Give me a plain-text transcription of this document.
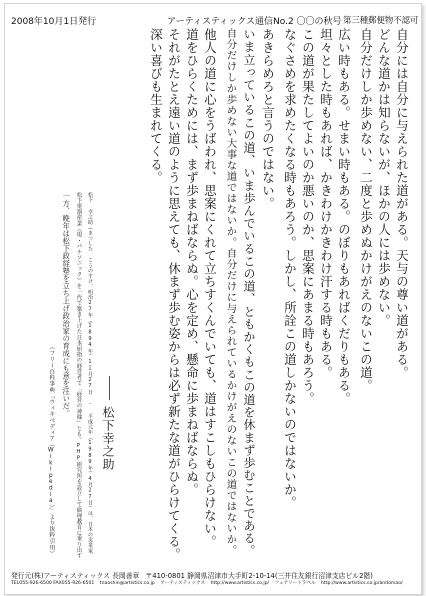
2008年10月1日発行	アーティスティックス通信No.2 〇〇の秋号 第三種郵便物不認可
自分には自分に与えられた道がある。天与の尊い道がある。
どんな道かは知らないが、ほかの人には歩めない。
自分だけしか歩めない、二度と歩めぬかけがえのないこの道。
広い時もある。せまい時もある。のぼりもあればくだりもある。
坦々とした時もあれば、かきわけかきわけ汗する時もある。
この道が果たしてよいのか悪いのか、思案にあまる時もあろう。
なぐさめを求めたくなる時もあろう。しかし、所詮この道しかないのではないか。
あきらめろと言うのではない。
いま立っているこの道、いま歩んでいるこの道、ともかくもこの道を休まず歩むことである。
自分だけしか歩めない大事な道ではないか。自分だけに与えられているかけがえのないこの道ではないか。
他人の道に心をうばわれ、思案にくれて立ちすくんでいても、道はすこしもひらけない。
道をひらくためには、まず歩まねばならぬ。心を定め、懸命に歩まねばならぬ。
それがたとえ遠い道のように思えても、休まず歩む姿からは必ず新たな道がひらけてくる。
深い喜びも生まれてくる。
松下幸之助
松下 幸之助（まつした こうのすけ、明治27年（1894年）11月27日 - 平成元年（1989年）4月27日）は、日本の実業家、
松下電器産業（現・パナソニック）を一代で築き上げた日本屈指の経営者で「経営の神様」とも。PHP研究所を設立して倫理教育に乗り出す
一方、晩年は松下政経塾を立ち上げ政治家の育成にも意を注いだ。
（フリー百科事典『ウィキペディア（Wikipedia）』より抜粋引用）
発行元(株)アーティスティックス 長岡善章 〒410-0801 静岡県沼津市大手町2-10-14(三井住友銀行沼津支店ビル2階)
TEL055-926-6500 FAX055-926-6501 tnaoshin@artistics.co.jp アーティスティックス http://www.artistics.co.jp/ フェアリートラベル http://www.artistics.co.jp/andomao/
